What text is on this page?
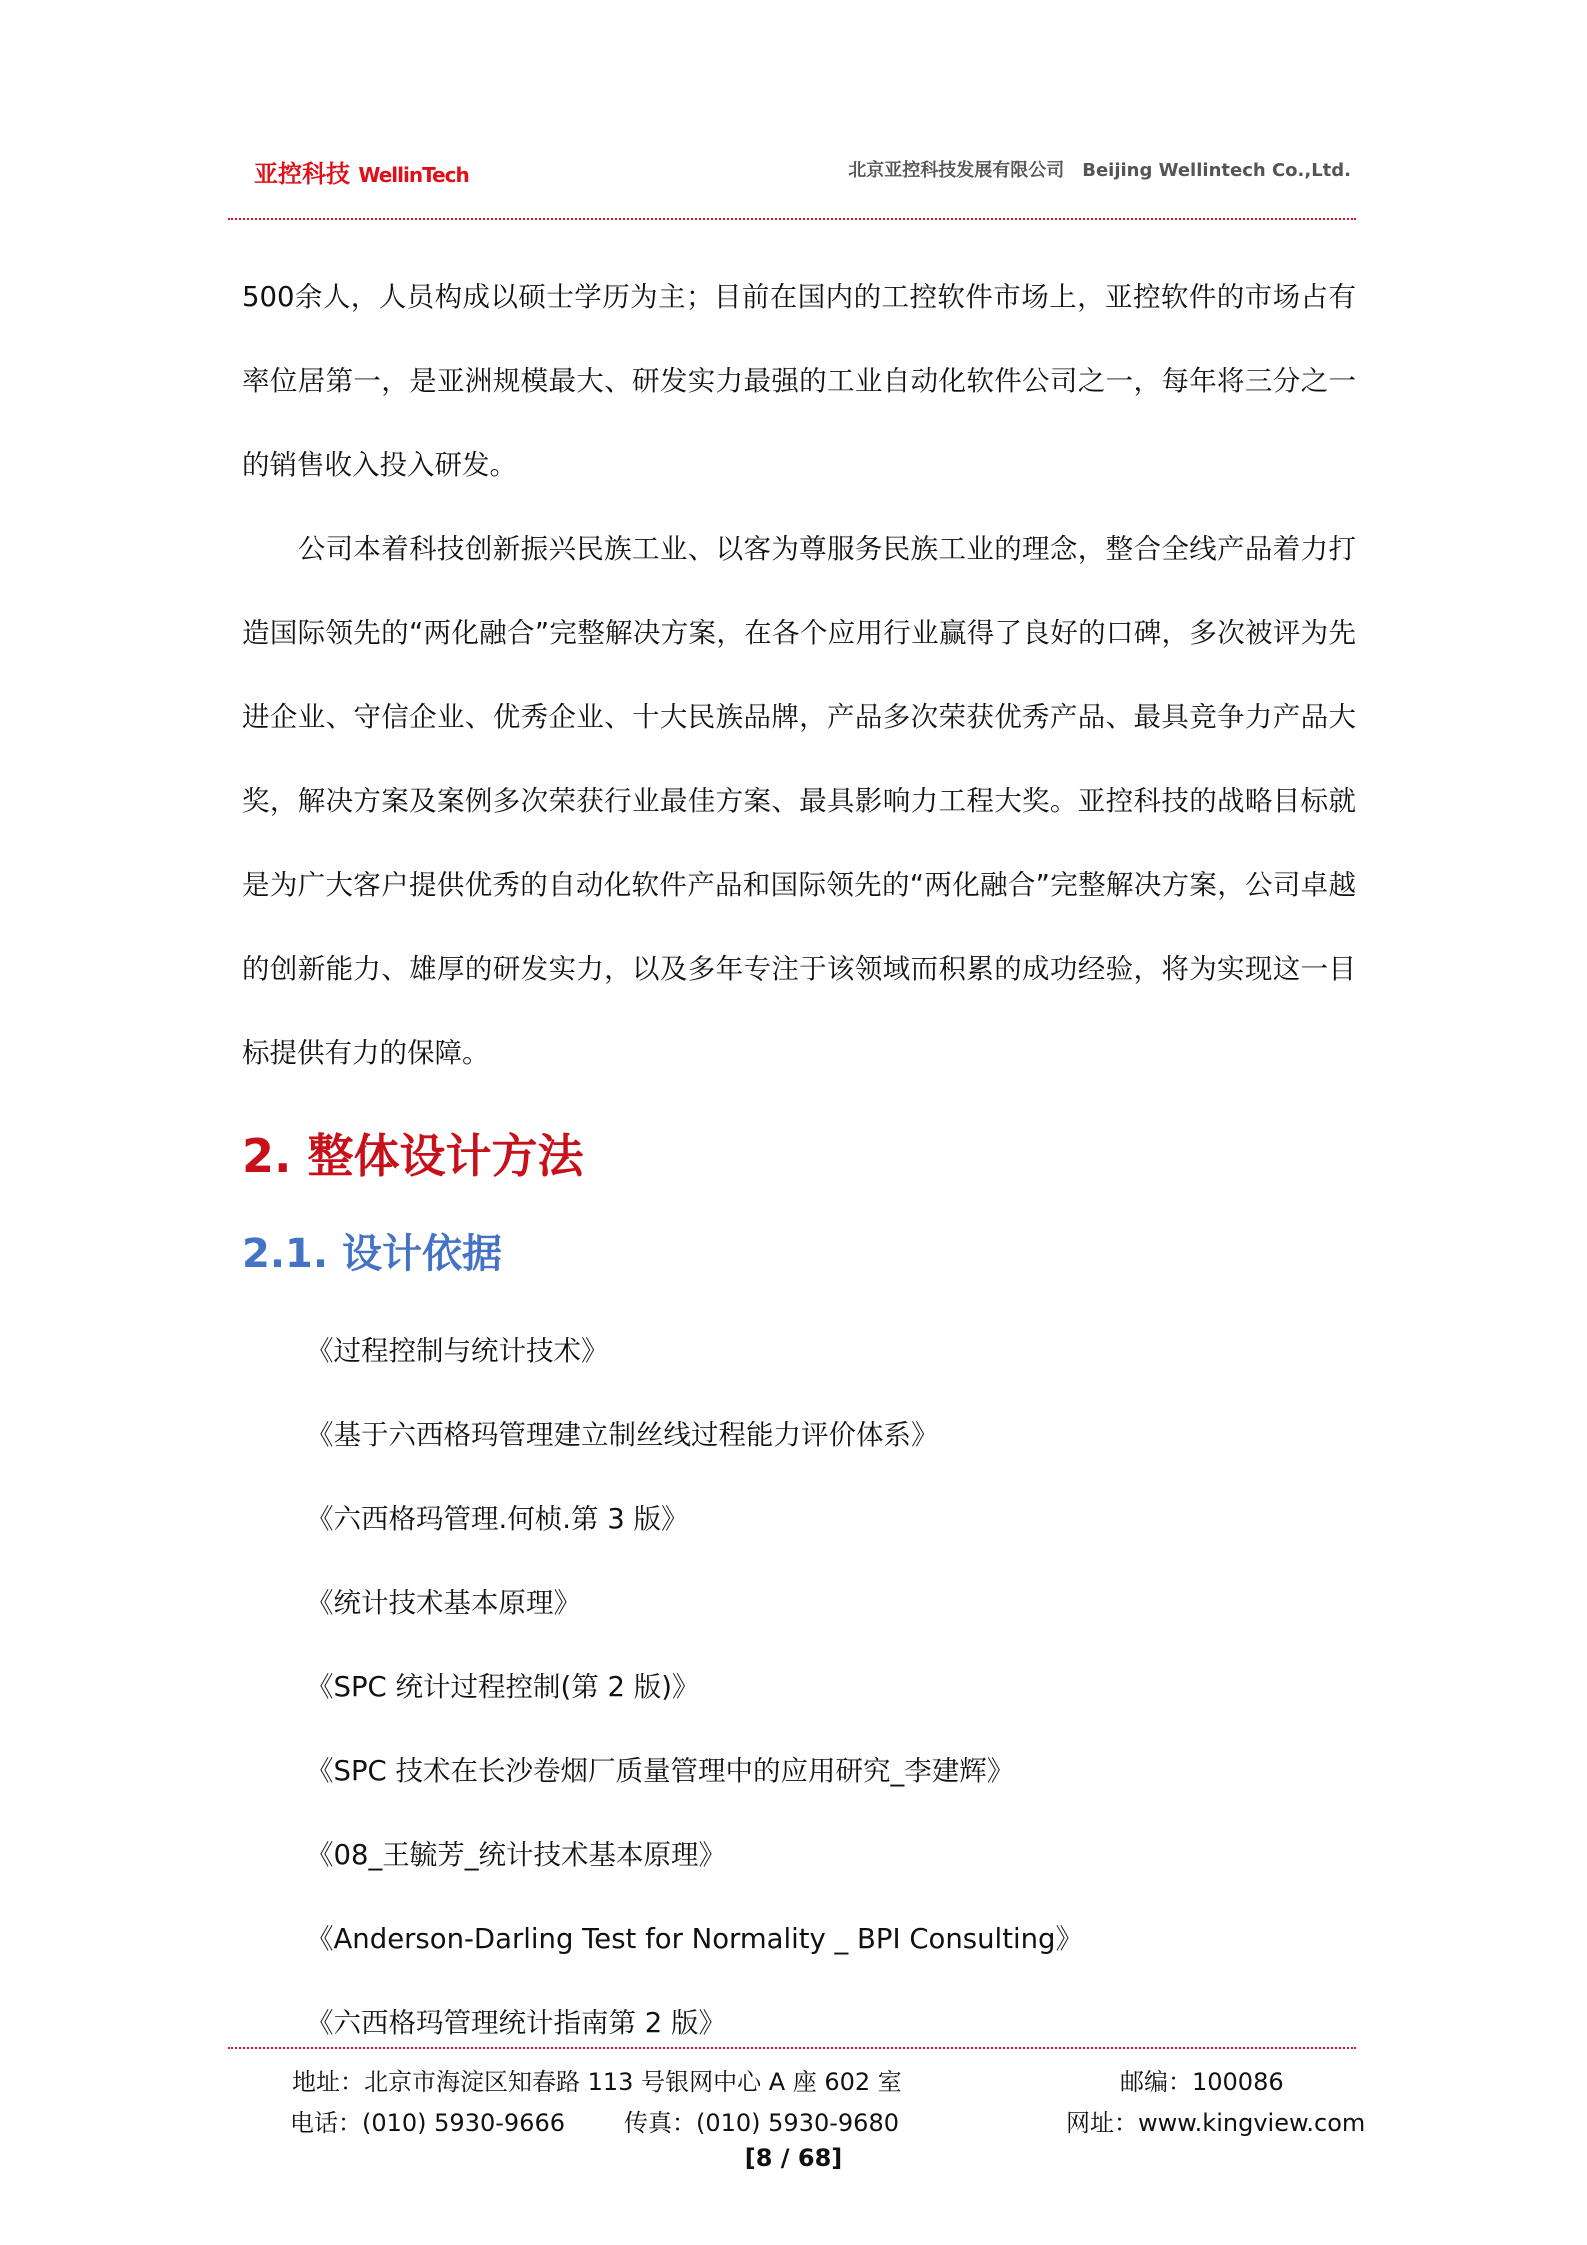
亚控科技 WellinTech	北京亚控科技发展有限公司　Beijing Wellintech Co.,Ltd.
500余人，人员构成以硕士学历为主；目前在国内的工控软件市场上，亚控软件的市场占有率位居第一，是亚洲规模最大、研发实力最强的工业自动化软件公司之一，每年将三分之一的销售收入投入研发。
　　公司本着科技创新振兴民族工业、以客为尊服务民族工业的理念，整合全线产品着力打造国际领先的“两化融合”完整解决方案，在各个应用行业赢得了良好的口碑，多次被评为先进企业、守信企业、优秀企业、十大民族品牌，产品多次荣获优秀产品、最具竞争力产品大奖，解决方案及案例多次荣获行业最佳方案、最具影响力工程大奖。亚控科技的战略目标就是为广大客户提供优秀的自动化软件产品和国际领先的“两化融合”完整解决方案，公司卓越的创新能力、雄厚的研发实力，以及多年专注于该领域而积累的成功经验，将为实现这一目标提供有力的保障。
2. 整体设计方法
2.1. 设计依据
《过程控制与统计技术》
《基于六西格玛管理建立制丝线过程能力评价体系》
《六西格玛管理.何桢.第 3 版》
《统计技术基本原理》
《SPC 统计过程控制(第 2 版)》
《SPC 技术在长沙卷烟厂质量管理中的应用研究_李建辉》
《08_王毓芳_统计技术基本原理》
《Anderson-Darling Test for Normality _ BPI Consulting》
《六西格玛管理统计指南第 2 版》
地址：北京市海淀区知春路 113 号银网中心 A 座 602 室	邮编：100086
电话：(010) 5930-9666 传真：(010) 5930-9680	网址：www.kingview.com
[8 / 68]
